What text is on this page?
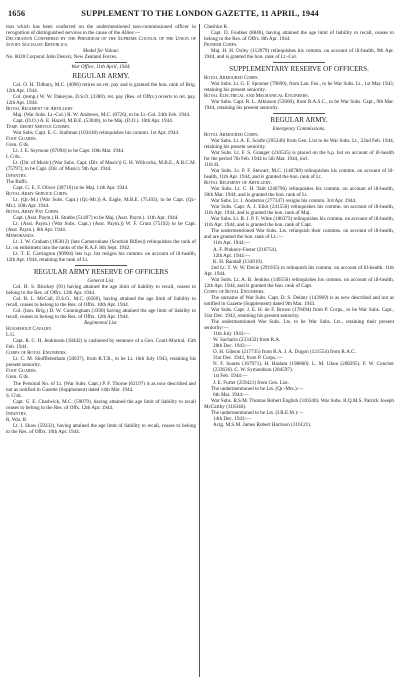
1656	SUPPLEMENT TO THE LONDON GAZETTE, 11 APRIL, 1944

tion which has been conferred on the undermentioned non-commissioned officer in recognition of distinguished services in the cause of the Allies:—

Decoration Conferred by the Presidium of the Supreme Council of the Union of Soviet Socialist Republics.

Medal for Valour.

No. 8028 Corporal John Denvir, New Zealand Forces.

War Office, 11th April, 1944.

REGULAR ARMY.

Col. O. H. Tidbury, M.C. (4096) retires on ret. pay and is granted the hon. rank of Brig. 12th Apr. 1944.

Col. (temp.) W. W. Dakeyne, D.S.O. (3380), ret. pay (Res. of Offrs.) reverts to ret. pay. 12th Apr. 1944.

Royal Regiment of Artillery.

Maj. (War Subs. Lt.-Col.) R. W. Andrews, M.C. (8726), to be Lt.-Col. 24th Feb. 1944.

Capt. (D.O.) A. E. Hazell, M.B.E. (53040), to be Maj. (D.O.). 10th Apr. 1944.

Temp. Short Service Commn.

War Subs. Capt. E. C. Stallman (103418) relinquishes his commn. 1st Apr. 1944.

Foot Guards.

Gren. G'ds.

Lt. J. E. Seymour (67094) to be Capt. 10th Mar. 1944.

I. G'ds.

Lt. (Dir. of Music) (War Subs. Capt. (Dir. of Music)) G. H. Willcocks, M.B.E., A.R.C.M. (75797), to be Capt. (Dir. of Music). 9th Apr. 1944.

Infantry.

The Buffs.

Capt. G. E. F. Oliver (38710) to be Maj. 11th Apr. 1944.

Royal Army Service Corps.

Lt. (Qr.-M.) (War Subs. Capt.) (Qr.-Mr.)) A. Eagle, M.B.E. (75103), to be Capt. (Qr.-Mr.). 10th Apr. 1944.

Royal Army Pay Corps.

Capt. (Asst. Paym.) H. Stubbs (51497) to be Maj. (Asst. Paym.). 11th Apr. 1944.

Lt. (Asst. Paym.) (War Subs. Capt.) (Asst. Paym.)) W. F. Crum (75192) to be Capt. (Asst. Paym.). 8th Apr. 1944.

Memoranda.

Lt. J. W. Graham (185812) (late Cameronians (Scottish Rifles)) relinquishes the rank of Lt. on enlistment into the ranks of the R.A.F. 8th Sept. 1942.

Lt. T. E. Carrington (90904) lets h.p. list resigns his commn. on account of ill-health, 12th Apr. 1944, retaining the rank of Lt.

REGULAR ARMY RESERVE OF OFFICERS

General List.

Col. H. S. Blockey (91) having attained the age limit of liability to recall, ceases to belong to the Res. of Offrs. 12th Apr. 1944.

Col. R. L. McCall, D.S.O., M.C. (6560), having attained the age limit of liability to recall, ceases to belong to the Res. of Offrs. 10th Apr. 1944.

Col. (hon. Brig.) D. W. Cunningham (3390) having attained the age limit of liability to recall, ceases to belong to the Res. of Offrs. 12th Apr. 1944.

Regimental List.

Household Cavalry.

L.G.

Capt. R. C. H. Jenkinson (18442) is cashiered by sentence of a Gen. Court-Martial. 15th Feb. 1944.

Corps of Royal Engineers.

Lt. C. M. Shufflebotham (50037), from R.T.R., to be Lt. 16th July 1943, retaining his present seniority.

Foot Guards.

Gren. G'ds.

The Personal No. of Lt. (War Subs. Capt.) P. F. Thorne (62197) is as now described and not as notified in Gazette (Supplement) dated 14th Mar. 1944.

S. G'ds.

Capt. G. E. Chadwick, M.C. (59079), having attained the age limit of liability to recall ceases to belong to the Res. of Offs. 12th Apr. 1944.

Infantry.

R. War. R.

Lt. I. Shaw (59332), having attained the age limit of liability to recall, ceases to belong to the Res. of Offrs. 10th Apr. 1944.

Cheshire R.

Capt. D. Foulkes (8846), having attained the age limit of liability to recall, ceases to belong to the Res. of Offrs. 8th Apr. 1944.

Pioneer Corps.

Maj. H. H. Oxley (112079) relinquishes his commn. on account of ill-health, 9th Apr. 1944, and is granted the hon. rank of Lt.-Col.

SUPPLEMENTARY RESERVE OF OFFICERS.

Royal Armoured Corps.

War Subs. Lt. G. F. Spooner (79690), from Lan. Fus., to be War Subs. Lt., 1st May 1943, retaining his present seniority.

Royal Electrical and Mechanical Engineers.

War Subs. Capt. R. L. Atkinson (53060), from R.A.S.C., to be War Subs. Capt., 9th Mar. 1944, retaining his present seniority.

REGULAR ARMY.

Emergency Commissions.

Royal Armoured Corps.

War Subs. Lt. A. E. Scaife (205240) from Gen. List to be War Subs. Lt., 22nd Feb. 1944, retaining his present seniority.

War Subs. Lt. F. S. Granger (210535) is placed on the h.p. list on account of ill-health for the period 7th Feb. 1944 to 5th Mar. 1944, incl.

11th H.

War Subs. Lt. P. F. Stewart, M.C. (140788) relinquishes his commn. on account of ill-health, 11th Apr. 1944, and is granted the hon. rank of Lt.

Royal Regiment of Artillery.

War Subs. Lt. C. H. Taitt (240796) relinquishes his commn. on account of ill-health, 30th Mar. 1944, and is granted the hon. rank of Lt.

War Subs. Lt. J. Anderton (277347) resigns his commn. 3rd Apr. 1944.

War Subs. Capt. A. J. Eliot (241556) relinquishes his commn. on account of ill-health, 11th Apr. 1944, and is granted the hon. rank of Maj.

War Subs. Lt. R. J. P. F. Witte (186373) relinquishes his commn. on account of ill-health, 11th Apr. 1944, and is granted the hon. rank of Capt.

The undermentioned War Subs. Lts. relinquish their commns. on account of ill-health, and are granted the hon. rank of Lt.:—

11th Apr. 1944:—

A. F. Plukney-Foster (216754).

12th Apr. 1944:—

K. H. Randall (134919).

2nd Lt. T. W. W. Davie (291935) to relinquish his commn. on account of ill-health. 11th Apr. 1944.

War Subs. Lt. A. B. Jenkins (149556) relinquishes his commn. on account of ill-health, 12th Apr. 1944, and is granted the hon. rank of Capt.

Corps of Royal Engineers.

The surname of War Subs. Capt. D. S. Delany (143969) is as now described and not as notified in Gazette (Supplement) dated 9th Mar. 1943.

War Subs. Capt. J. E. H. de F. Brown (178494) from P. Corps., to be War Subs. Capt., 31st Dec. 1943, retaining his present seniority.

The undermentioned War Subs. Lts. to be War Subs. Lts., retaining their present seniority:—

11th July 1943:—

W. Sacharin (233432) from R.A.

28th Dec. 1943:—

O. H. Gibson (217735) from R.A. J. A. Dugon (121554) from R.A.C.

31st Dec. 1943, from P. Corps.:—

N. F. Soares (167971). H. Haslam (198660). L. M. Ukou (208295). F. W. Concher (233636). C. W. Symondson (284597).

1st Feb. 1944:—

J. E. Furter (259421) from Gen. List.

The undermentioned to be Lts. (Qr.-Mrs.):—

6th Mar. 1944:—

War Subs. R.S.M. Thomas Robert English (316340). War Subs. R.Q.M.S. Patrick Joseph McCarthy (316346).

The undermentioned to be Lts. (I.R.E.M.):—

14th Dec. 1943:—

Actg. M.S.M. James Robert Harrison (316121).
